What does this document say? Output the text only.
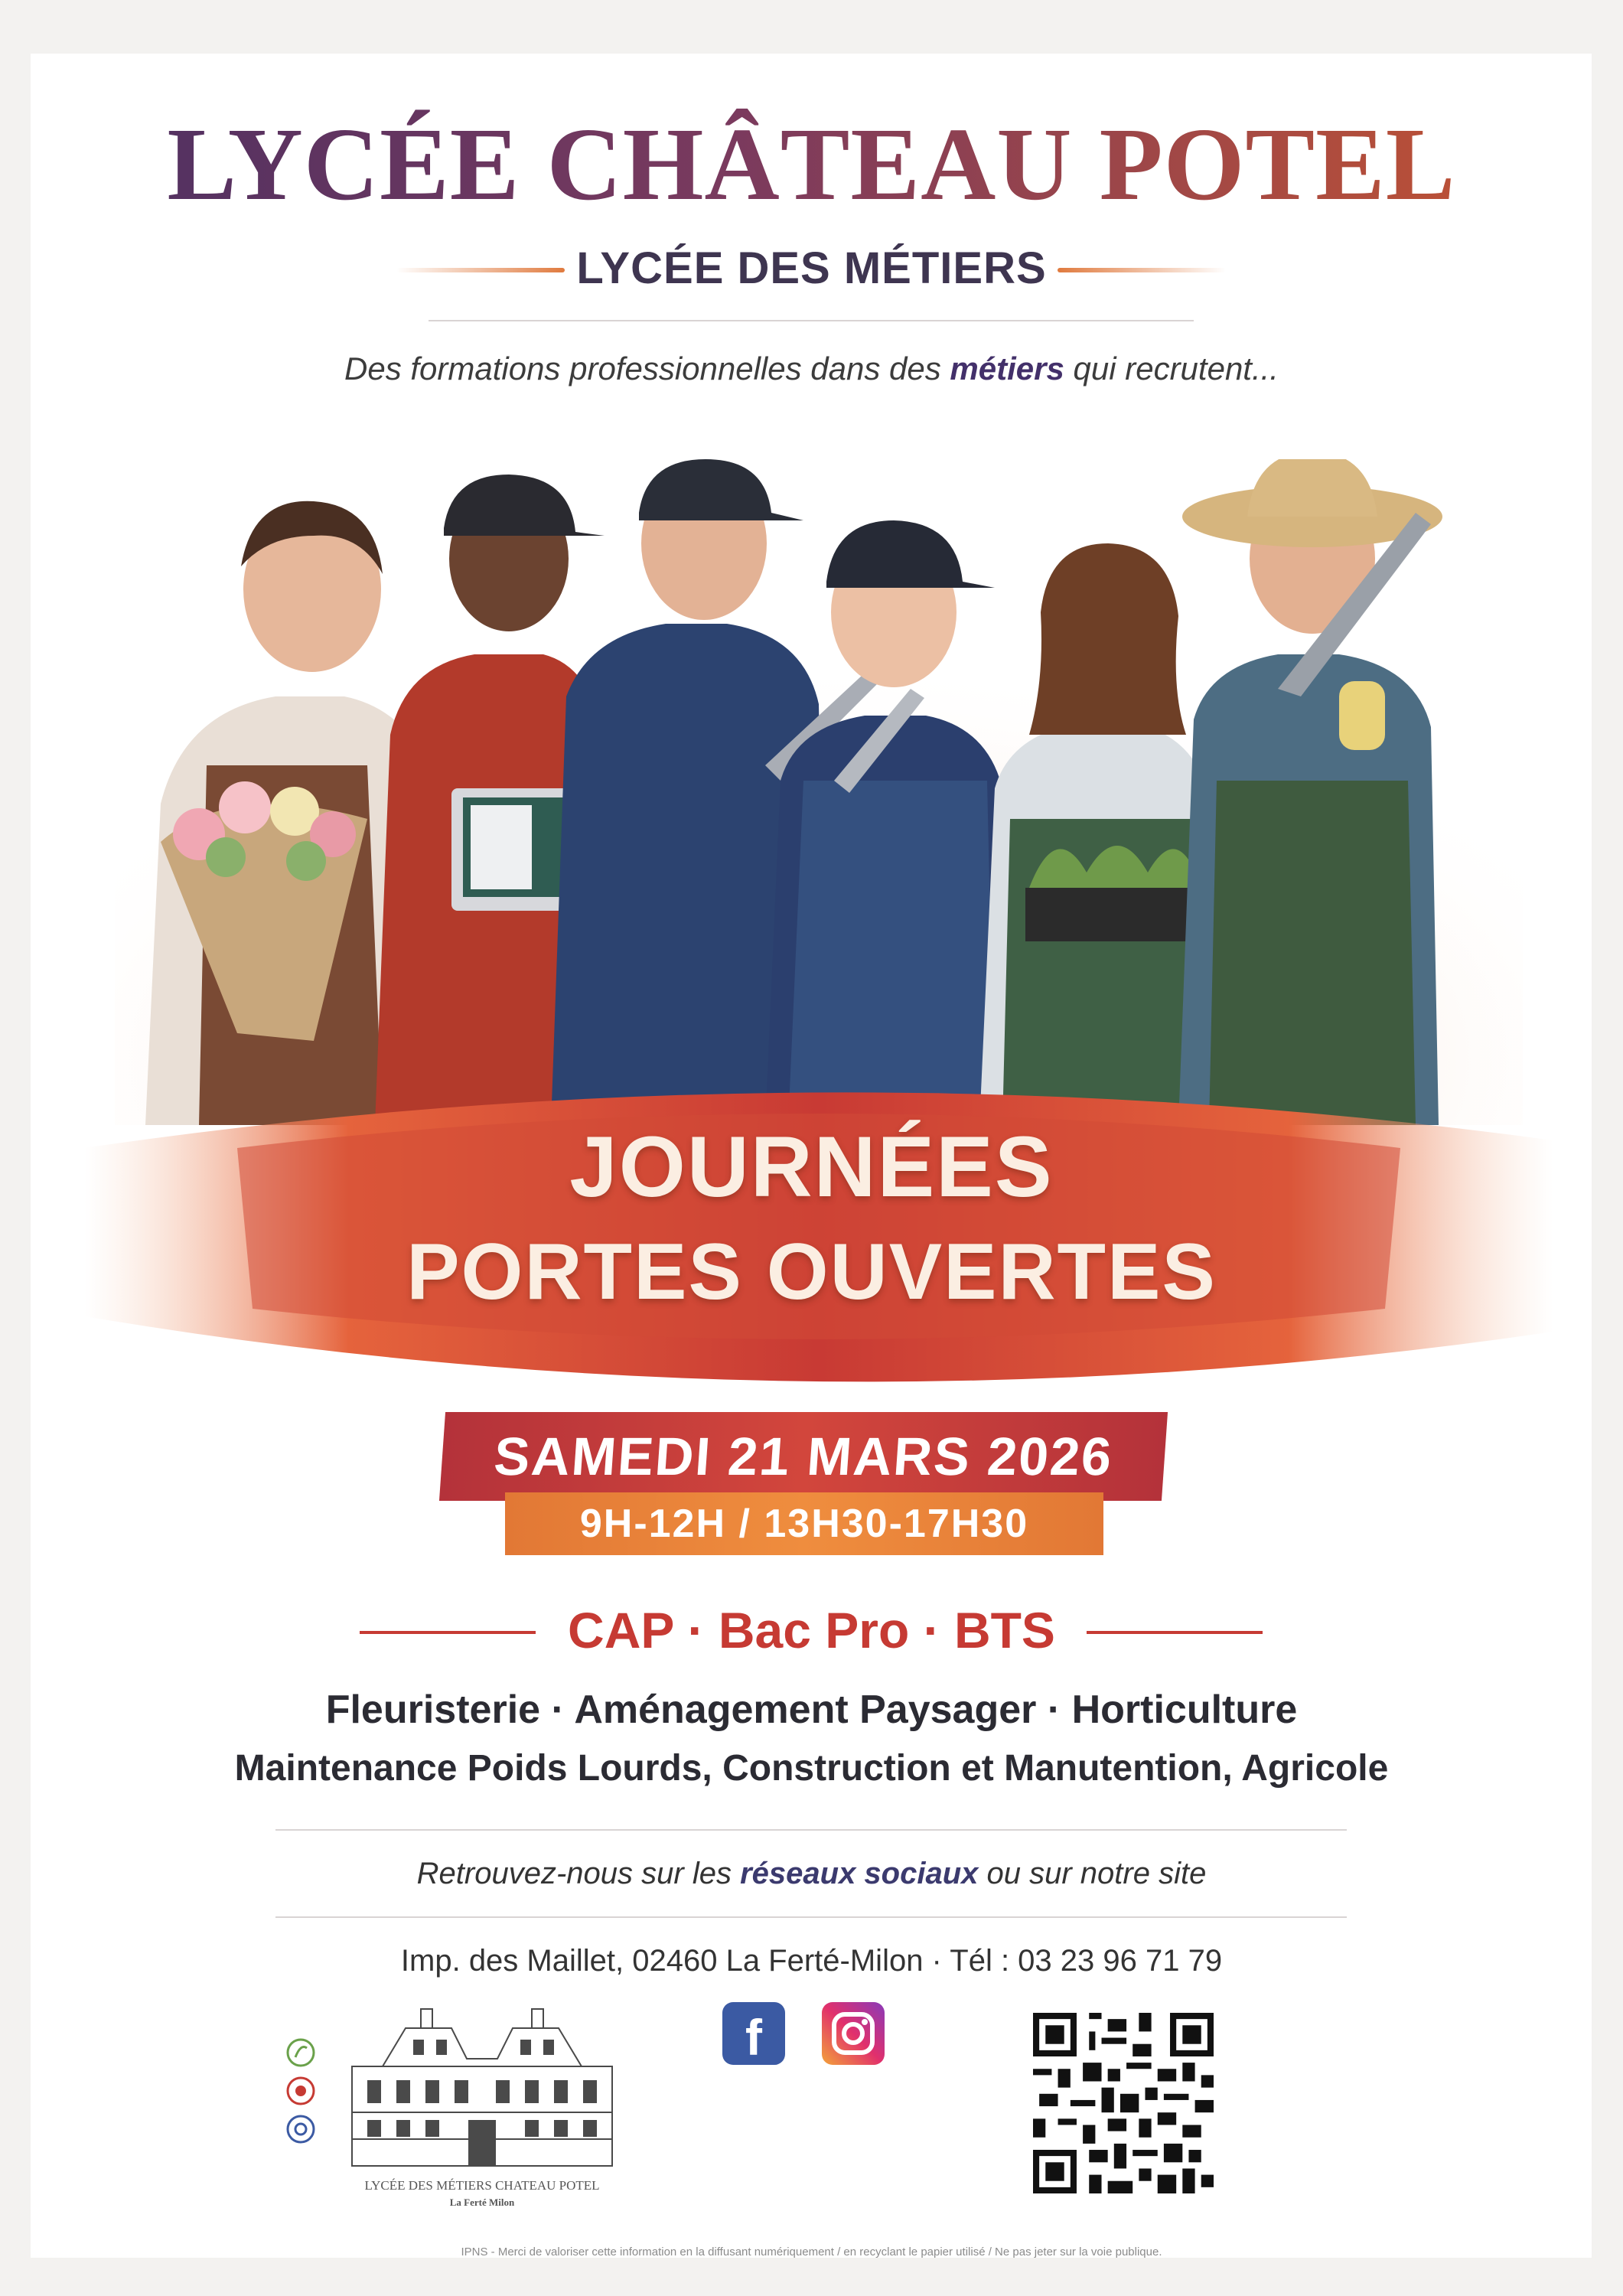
LYCÉE CHÂTEAU POTEL
LYCÉE DES MÉTIERS
Des formations professionnelles dans des métiers qui recrutent...
JOURNÉES
PORTES OUVERTES
SAMEDI 21 MARS 2026
9H-12H / 13H30-17H30
CAP · Bac Pro · BTS
Fleuristerie · Aménagement Paysager · Horticulture
Maintenance Poids Lourds, Construction et Manutention, Agricole
Retrouvez-nous sur les réseaux sociaux ou sur notre site
Imp. des Maillet, 02460 La Ferté-Milon · Tél : 03 23 96 71 79
f
LYCÉE DES MÉTIERS CHATEAU POTEL
La Ferté Milon
IPNS - Merci de valoriser cette information en la diffusant numériquement / en recyclant le papier utilisé / Ne pas jeter sur la voie publique.
